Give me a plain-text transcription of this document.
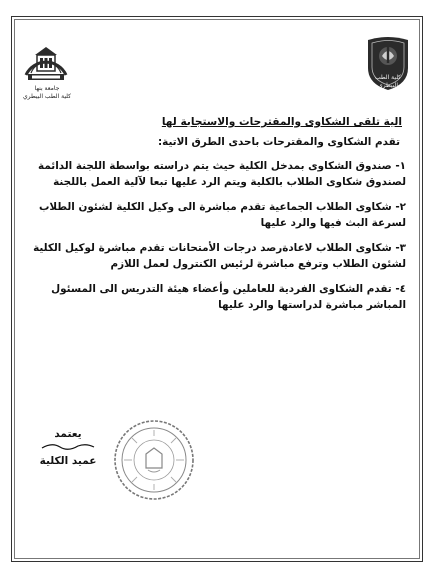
جامعة بنها
كلية الطب البيطري
كلية الطب البيطري
الية تلقى الشكاوى والمقترحات والاستجابة لها
تقدم الشكاوى والمقترحات باحدى الطرق الاتية:

١- صندوق الشكاوى بمدخل الكلية حيث يتم دراسته بواسطة اللجنة الدائمة

لصندوق شكاوى الطلاب بالكلية ويتم الرد عليها تبعا لآلية العمل باللجنة

٢- شكاوى الطلاب الجماعية تقدم مباشرة الى وكيل الكلية لشئون الطلاب

لسرعة البث فيها والرد عليها

٣- شكاوى الطلاب لاعادةرصد درجات الأمتحانات تقدم مباشرة لوكيل الكلية

لشئون الطلاب وترفع مباشرة لرئيس الكنترول لعمل اللازم

٤- تقدم الشكاوى الفردية للعاملين وأعضاء هيئة التدريس الى المسئول

المباشر مباشرة لدراستها والرد عليها

يعتمد
عميد الكلية
